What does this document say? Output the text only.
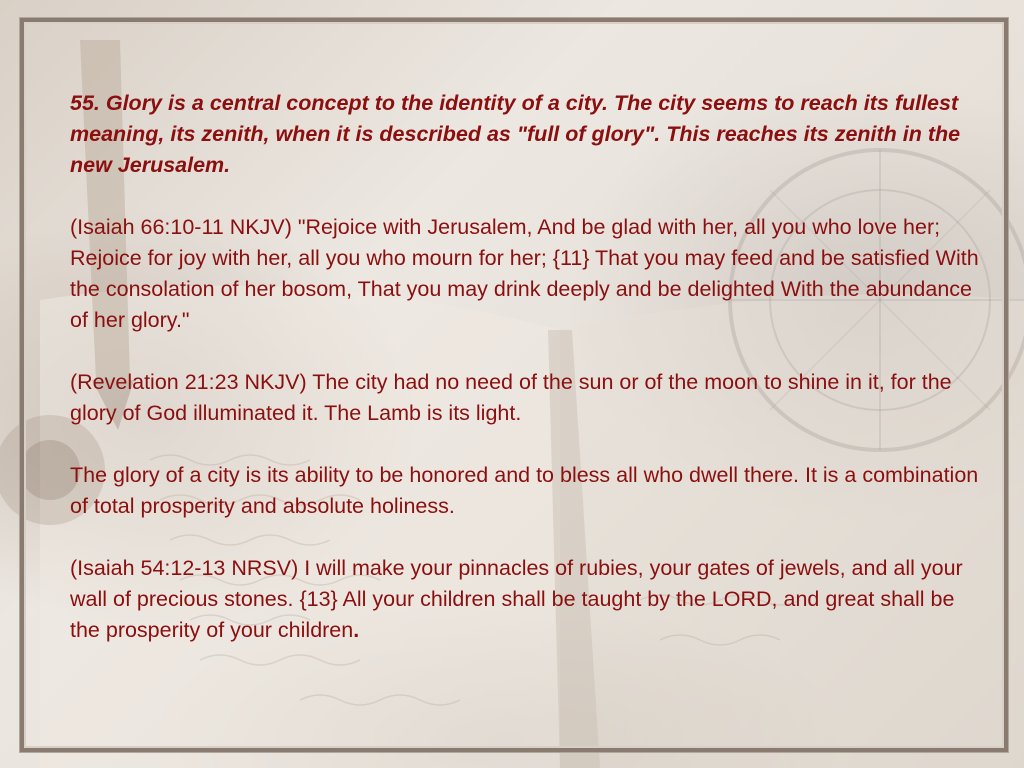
55. Glory is a central concept to the identity of a city. The city seems to reach its fullest meaning, its zenith, when it is described as "full of glory". This reaches its zenith in the new Jerusalem.

(Isaiah 66:10-11 NKJV) "Rejoice with Jerusalem, And be glad with her, all you who love her; Rejoice for joy with her, all you who mourn for her; {11} That you may feed and be satisfied With the consolation of her bosom, That you may drink deeply and be delighted With the abundance of her glory."

(Revelation 21:23 NKJV) The city had no need of the sun or of the moon to shine in it, for the glory of God illuminated it. The Lamb is its light.

The glory of a city is its ability to be honored and to bless all who dwell there. It is a combination of total prosperity and absolute holiness.

(Isaiah 54:12-13 NRSV) I will make your pinnacles of rubies, your gates of jewels, and all your wall of precious stones. {13} All your children shall be taught by the LORD, and great shall be the prosperity of your children.
